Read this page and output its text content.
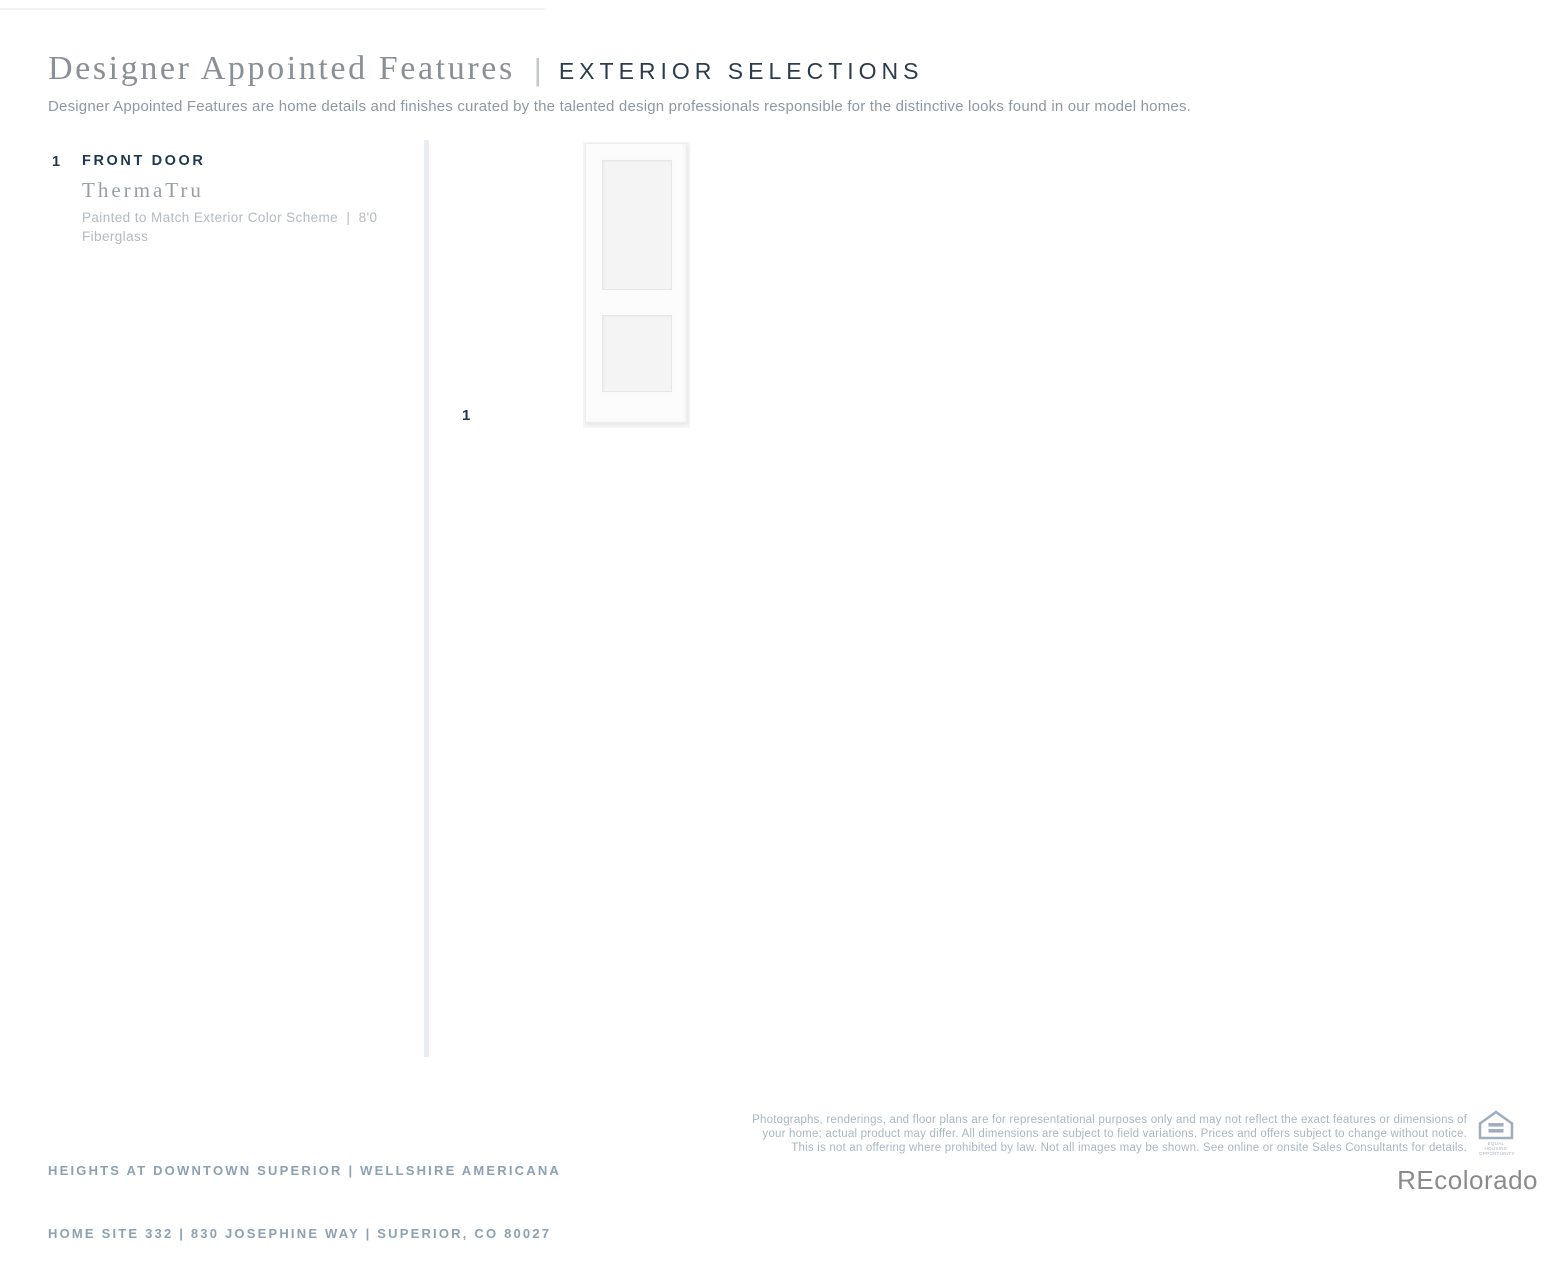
Designer Appointed Features | EXTERIOR SELECTIONS

Designer Appointed Features are home details and finishes curated by the talented design professionals responsible for the distinctive looks found in our model homes.

1 FRONT DOOR
ThermaTru
Painted to Match Exterior Color Scheme  |  8'0
Fiberglass
1

HEIGHTS AT DOWNTOWN SUPERIOR | WELLSHIRE AMERICANA

HOME SITE 332 | 830 JOSEPHINE WAY | SUPERIOR, CO 80027

Photographs, renderings, and floor plans are for representational purposes only and may not reflect the exact features or dimensions of
your home; actual product may differ. All dimensions are subject to field variations. Prices and offers subject to change without notice.
This is not an offering where prohibited by law. Not all images may be shown. See online or onsite Sales Consultants for details.	EQUAL HOUSING OPPORTUNITY
REcolorado
